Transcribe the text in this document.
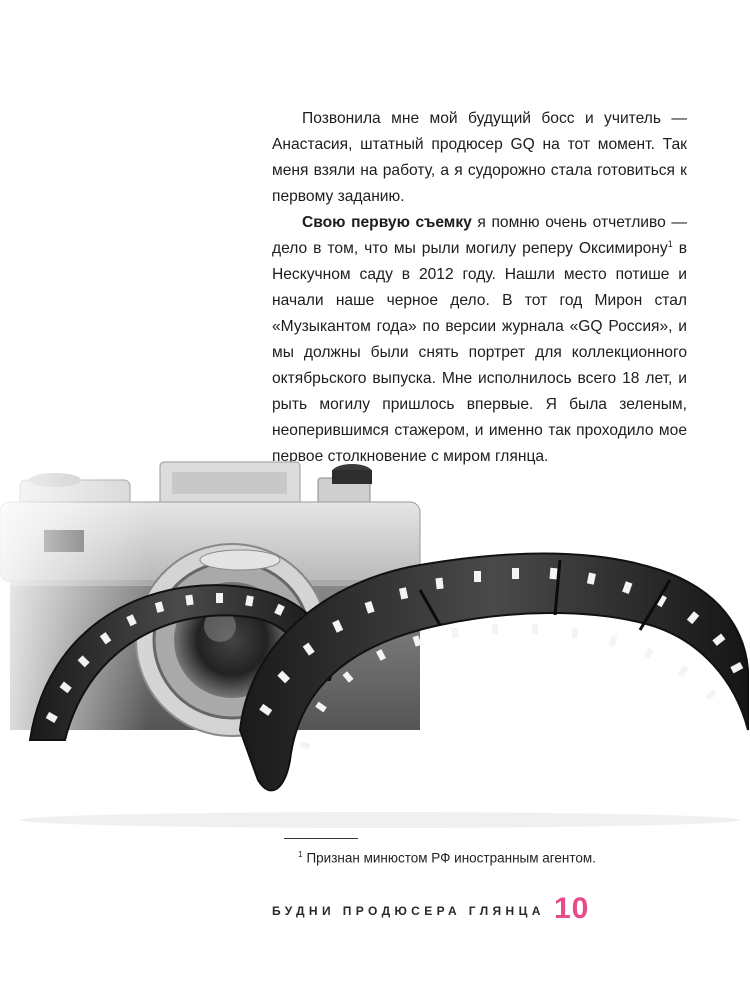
Позвонила мне мой будущий босс и учитель — Анастасия, штатный продюсер GQ на тот момент. Так меня взяли на работу, а я судорожно стала готовиться к первому заданию.

Свою первую съемку я помню очень отчетливо — дело в том, что мы рыли могилу реперу Оксимирону$^1$ в Нескучном саду в 2012 году. Нашли место потише и начали наше черное дело. В тот год Мирон стал «Музыкантом года» по версии журнала «GQ Россия», и мы должны были снять портрет для коллекционного октябрьского выпуска. Мне исполнилось всего 18 лет, и рыть могилу пришлось впервые. Я была зеленым, неоперившимся стажером, и именно так проходило мое

$^1$ Признан минюстом РФ иностранным агентом.
БУДНИ ПРОДЮСЕРА ГЛЯНЦА 10
